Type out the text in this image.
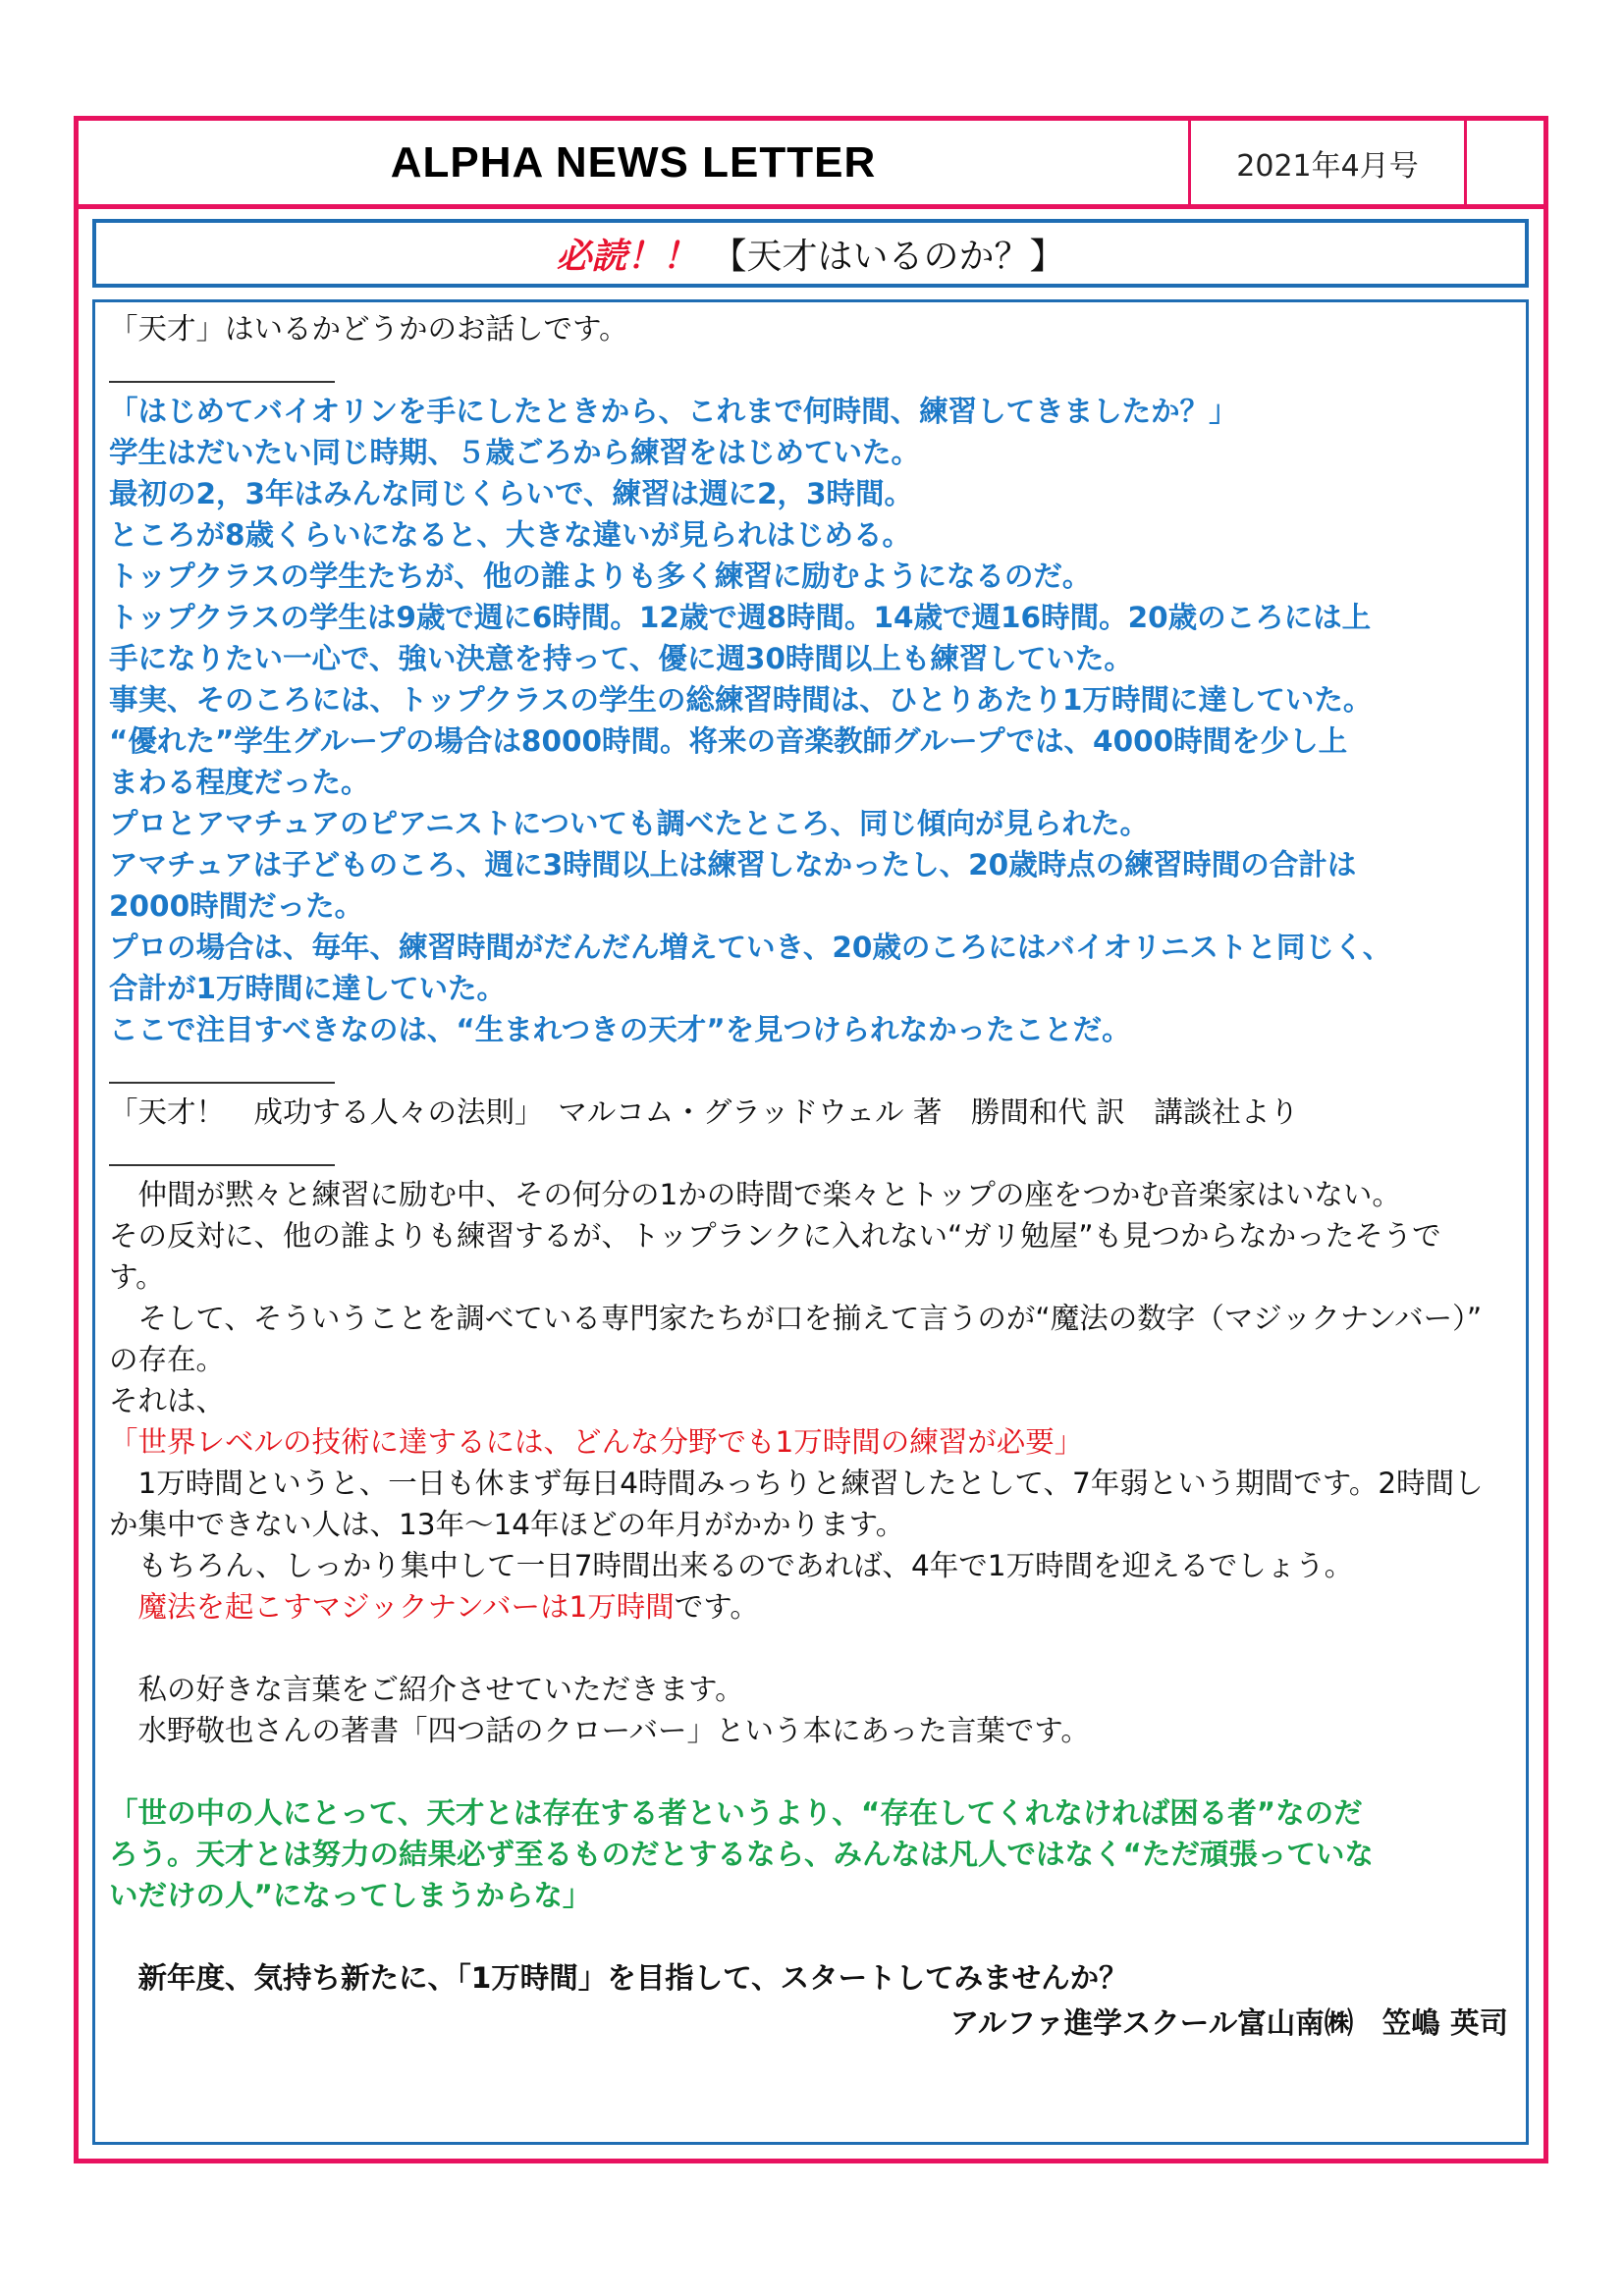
ALPHA NEWS LETTER	2021年4月号
必読！！ 【天才はいるのか？】

「天才」はいるかどうかのお話しです。

「はじめてバイオリンを手にしたときから、これまで何時間、練習してきましたか？」

学生はだいたい同じ時期、５歳ごろから練習をはじめていた。

最初の2，3年はみんな同じくらいで、練習は週に2，3時間。

ところが8歳くらいになると、大きな違いが見られはじめる。

トップクラスの学生たちが、他の誰よりも多く練習に励むようになるのだ。

トップクラスの学生は9歳で週に6時間。12歳で週8時間。14歳で週16時間。20歳のころには上

手になりたい一心で、強い決意を持って、優に週30時間以上も練習していた。

事実、そのころには、トップクラスの学生の総練習時間は、ひとりあたり1万時間に達していた。

“優れた”学生グループの場合は8000時間。将来の音楽教師グループでは、4000時間を少し上

まわる程度だった。

プロとアマチュアのピアニストについても調べたところ、同じ傾向が見られた。

アマチュアは子どものころ、週に3時間以上は練習しなかったし、20歳時点の練習時間の合計は

2000時間だった。

プロの場合は、毎年、練習時間がだんだん増えていき、20歳のころにはバイオリニストと同じく、

合計が1万時間に達していた。

ここで注目すべきなのは、“生まれつきの天才”を見つけられなかったことだ。

「天才！　成功する人々の法則」　マルコム・グラッドウェル 著　勝間和代 訳　講談社より

　仲間が黙々と練習に励む中、その何分の1かの時間で楽々とトップの座をつかむ音楽家はいない。

その反対に、他の誰よりも練習するが、トップランクに入れない“ガリ勉屋”も見つからなかったそうで

す。

　そして、そういうことを調べている専門家たちが口を揃えて言うのが“魔法の数字（マジックナンバー）”

の存在。

それは、

「世界レベルの技術に達するには、どんな分野でも1万時間の練習が必要」

　1万時間というと、一日も休まず毎日4時間みっちりと練習したとして、7年弱という期間です。2時間し

か集中できない人は、13年～14年ほどの年月がかかります。

　もちろん、しっかり集中して一日7時間出来るのであれば、4年で1万時間を迎えるでしょう。

　魔法を起こすマジックナンバーは1万時間です。

　私の好きな言葉をご紹介させていただきます。

　水野敬也さんの著書「四つ話のクローバー」という本にあった言葉です。

「世の中の人にとって、天才とは存在する者というより、“存在してくれなければ困る者”なのだ

ろう。天才とは努力の結果必ず至るものだとするなら、みんなは凡人ではなく“ただ頑張っていな

いだけの人”になってしまうからな」

　新年度、気持ち新たに、「1万時間」を目指して、スタートしてみませんか？

アルファ進学スクール富山南㈱　笠嶋 英司
